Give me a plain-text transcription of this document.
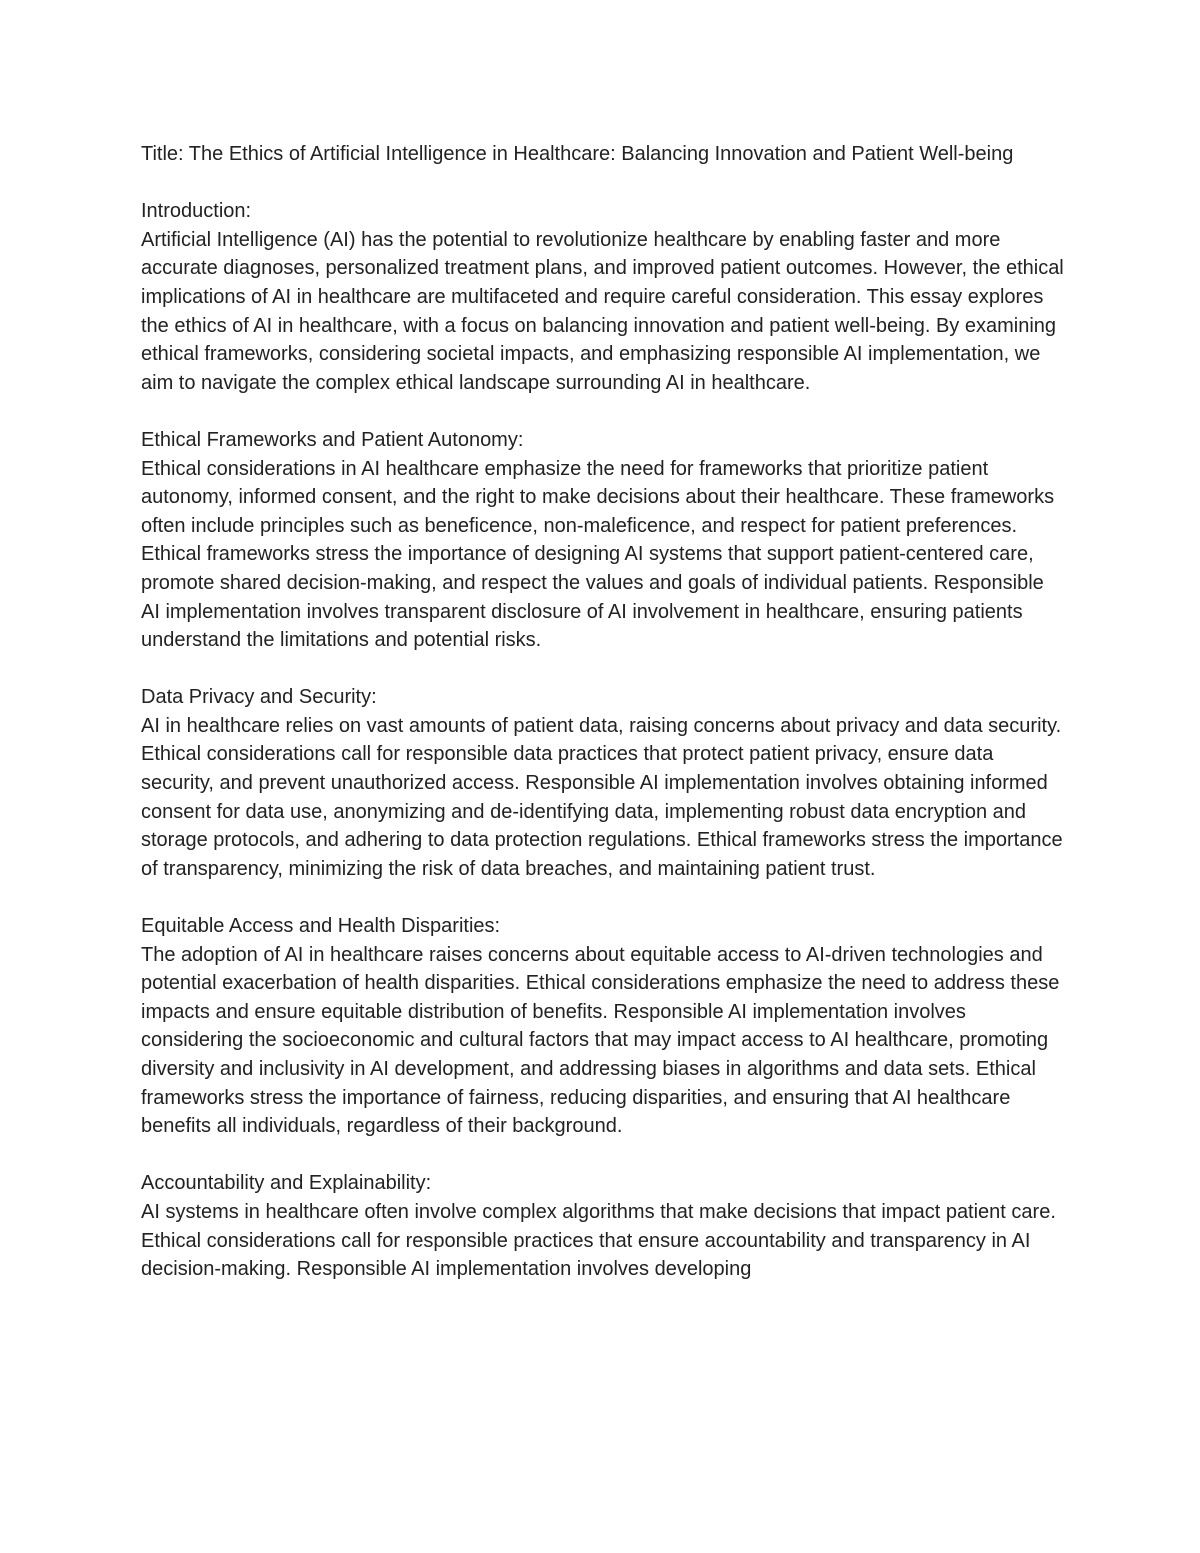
Title: The Ethics of Artificial Intelligence in Healthcare: Balancing Innovation and Patient Well-being

Introduction:
Artificial Intelligence (AI) has the potential to revolutionize healthcare by enabling faster and more accurate diagnoses, personalized treatment plans, and improved patient outcomes. However, the ethical implications of AI in healthcare are multifaceted and require careful consideration. This essay explores the ethics of AI in healthcare, with a focus on balancing innovation and patient well-being. By examining ethical frameworks, considering societal impacts, and emphasizing responsible AI implementation, we aim to navigate the complex ethical landscape surrounding AI in healthcare.
Ethical Frameworks and Patient Autonomy:
Ethical considerations in AI healthcare emphasize the need for frameworks that prioritize patient autonomy, informed consent, and the right to make decisions about their healthcare. These frameworks often include principles such as beneficence, non-maleficence, and respect for patient preferences. Ethical frameworks stress the importance of designing AI systems that support patient-centered care, promote shared decision-making, and respect the values and goals of individual patients. Responsible AI implementation involves transparent disclosure of AI involvement in healthcare, ensuring patients understand the limitations and potential risks.
Data Privacy and Security:
AI in healthcare relies on vast amounts of patient data, raising concerns about privacy and data security. Ethical considerations call for responsible data practices that protect patient privacy, ensure data security, and prevent unauthorized access. Responsible AI implementation involves obtaining informed consent for data use, anonymizing and de-identifying data, implementing robust data encryption and storage protocols, and adhering to data protection regulations. Ethical frameworks stress the importance of transparency, minimizing the risk of data breaches, and maintaining patient trust.
Equitable Access and Health Disparities:
The adoption of AI in healthcare raises concerns about equitable access to AI-driven technologies and potential exacerbation of health disparities. Ethical considerations emphasize the need to address these impacts and ensure equitable distribution of benefits. Responsible AI implementation involves considering the socioeconomic and cultural factors that may impact access to AI healthcare, promoting diversity and inclusivity in AI development, and addressing biases in algorithms and data sets. Ethical frameworks stress the importance of fairness, reducing disparities, and ensuring that AI healthcare benefits all individuals, regardless of their background.
Accountability and Explainability:
AI systems in healthcare often involve complex algorithms that make decisions that impact patient care. Ethical considerations call for responsible practices that ensure accountability and transparency in AI decision-making. Responsible AI implementation involves developing
